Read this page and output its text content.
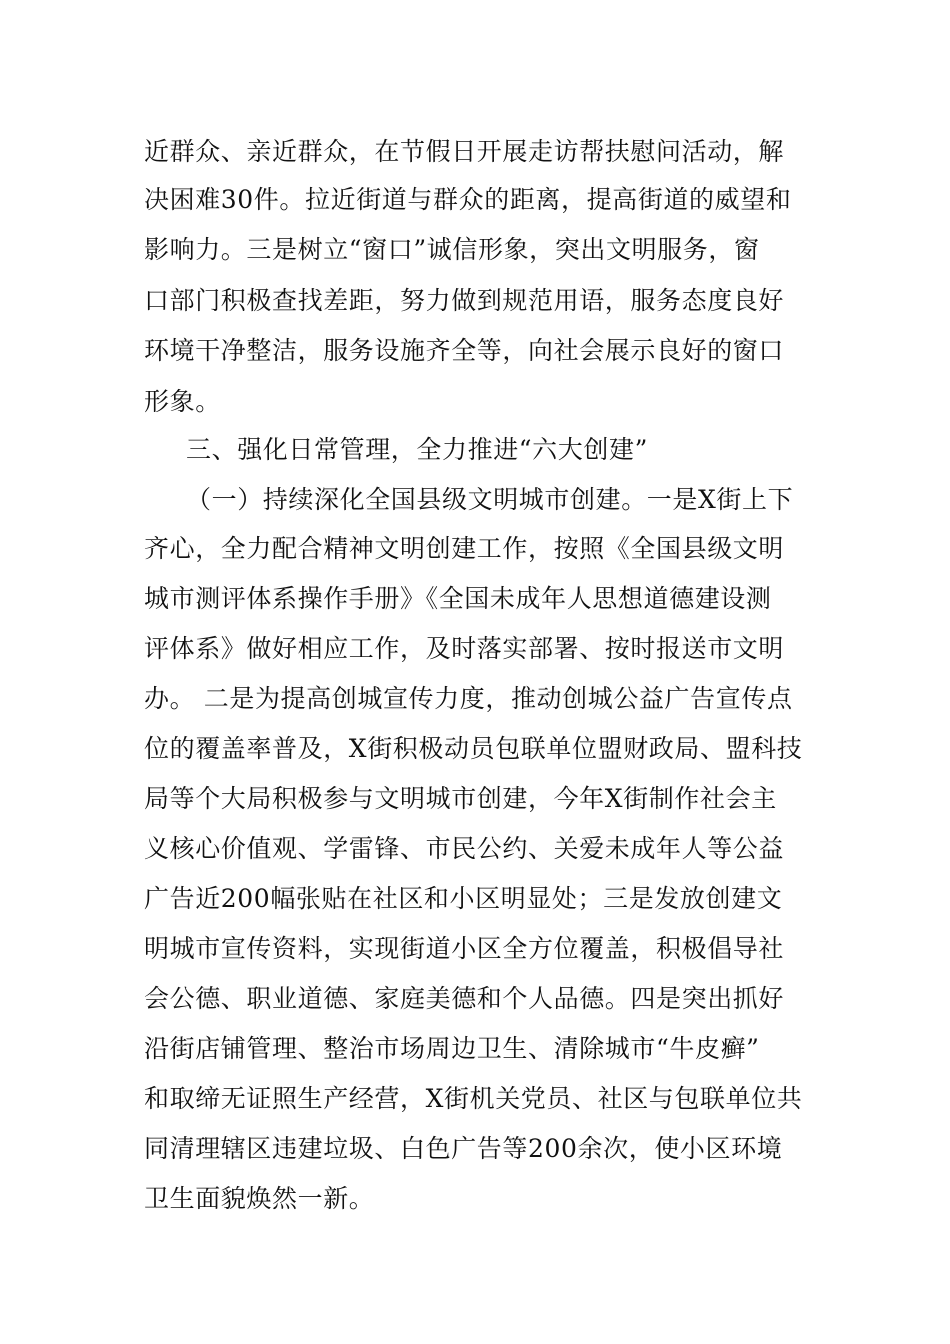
近群众、亲近群众，在节假日开展走访帮扶慰问活动，解
决困难30件。拉近街道与群众的距离，提高街道的威望和
影响力。三是树立“窗口”诚信形象，突出文明服务，窗
口部门积极查找差距，努力做到规范用语，服务态度良好
环境干净整洁，服务设施齐全等，向社会展示良好的窗口
形象。
三、强化日常管理，全力推进“六大创建”
（一）持续深化全国县级文明城市创建。一是X街上下
齐心，全力配合精神文明创建工作，按照《全国县级文明
城市测评体系操作手册》《全国未成年人思想道德建设测
评体系》做好相应工作，及时落实部署、按时报送市文明
办。 二是为提高创城宣传力度，推动创城公益广告宣传点
位的覆盖率普及，X街积极动员包联单位盟财政局、盟科技
局等个大局积极参与文明城市创建，今年X街制作社会主
义核心价值观、学雷锋、市民公约、关爱未成年人等公益
广告近200幅张贴在社区和小区明显处；三是发放创建文
明城市宣传资料，实现街道小区全方位覆盖，积极倡导社
会公德、职业道德、家庭美德和个人品德。四是突出抓好
沿街店铺管理、整治市场周边卫生、清除城市“牛皮癣”
和取缔无证照生产经营，X街机关党员、社区与包联单位共
同清理辖区违建垃圾、白色广告等200余次，使小区环境
卫生面貌焕然一新。
